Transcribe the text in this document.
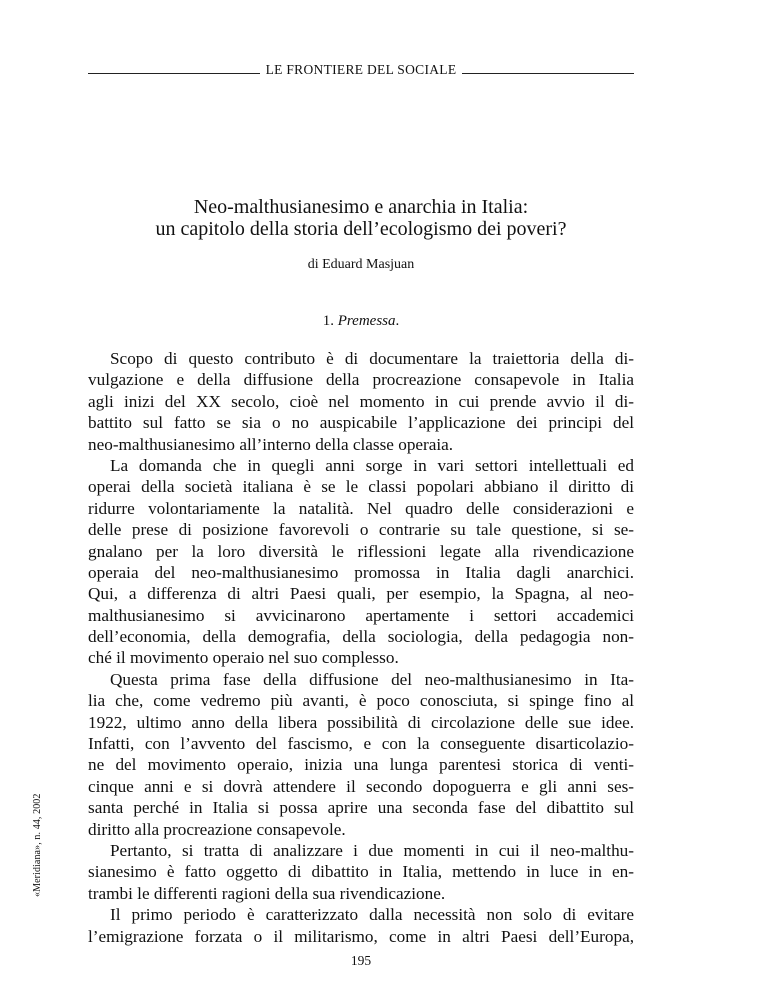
LE FRONTIERE DEL SOCIALE
Neo-malthusianesimo e anarchia in Italia:
un capitolo della storia dell’ecologismo dei poveri?
di Eduard Masjuan
1. Premessa.
Scopo di questo contributo è di documentare la traiettoria della di-
vulgazione e della diffusione della procreazione consapevole in Italia
agli inizi del XX secolo, cioè nel momento in cui prende avvio il di-
battito sul fatto se sia o no auspicabile l’applicazione dei principi del
neo-malthusianesimo all’interno della classe operaia.
La domanda che in quegli anni sorge in vari settori intellettuali ed
operai della società italiana è se le classi popolari abbiano il diritto di
ridurre volontariamente la natalità. Nel quadro delle considerazioni e
delle prese di posizione favorevoli o contrarie su tale questione, si se-
gnalano per la loro diversità le riflessioni legate alla rivendicazione
operaia del neo-malthusianesimo promossa in Italia dagli anarchici.
Qui, a differenza di altri Paesi quali, per esempio, la Spagna, al neo-
malthusianesimo si avvicinarono apertamente i settori accademici
dell’economia, della demografia, della sociologia, della pedagogia non-
ché il movimento operaio nel suo complesso.
Questa prima fase della diffusione del neo-malthusianesimo in Ita-
lia che, come vedremo più avanti, è poco conosciuta, si spinge fino al
1922, ultimo anno della libera possibilità di circolazione delle sue idee.
Infatti, con l’avvento del fascismo, e con la conseguente disarticolazio-
ne del movimento operaio, inizia una lunga parentesi storica di venti-
cinque anni e si dovrà attendere il secondo dopoguerra e gli anni ses-
santa perché in Italia si possa aprire una seconda fase del dibattito sul
diritto alla procreazione consapevole.
Pertanto, si tratta di analizzare i due momenti in cui il neo-malthu-
sianesimo è fatto oggetto di dibattito in Italia, mettendo in luce in en-
trambi le differenti ragioni della sua rivendicazione.
Il primo periodo è caratterizzato dalla necessità non solo di evitare
l’emigrazione forzata o il militarismo, come in altri Paesi dell’Europa,
«Meridiana», n. 44, 2002
195
